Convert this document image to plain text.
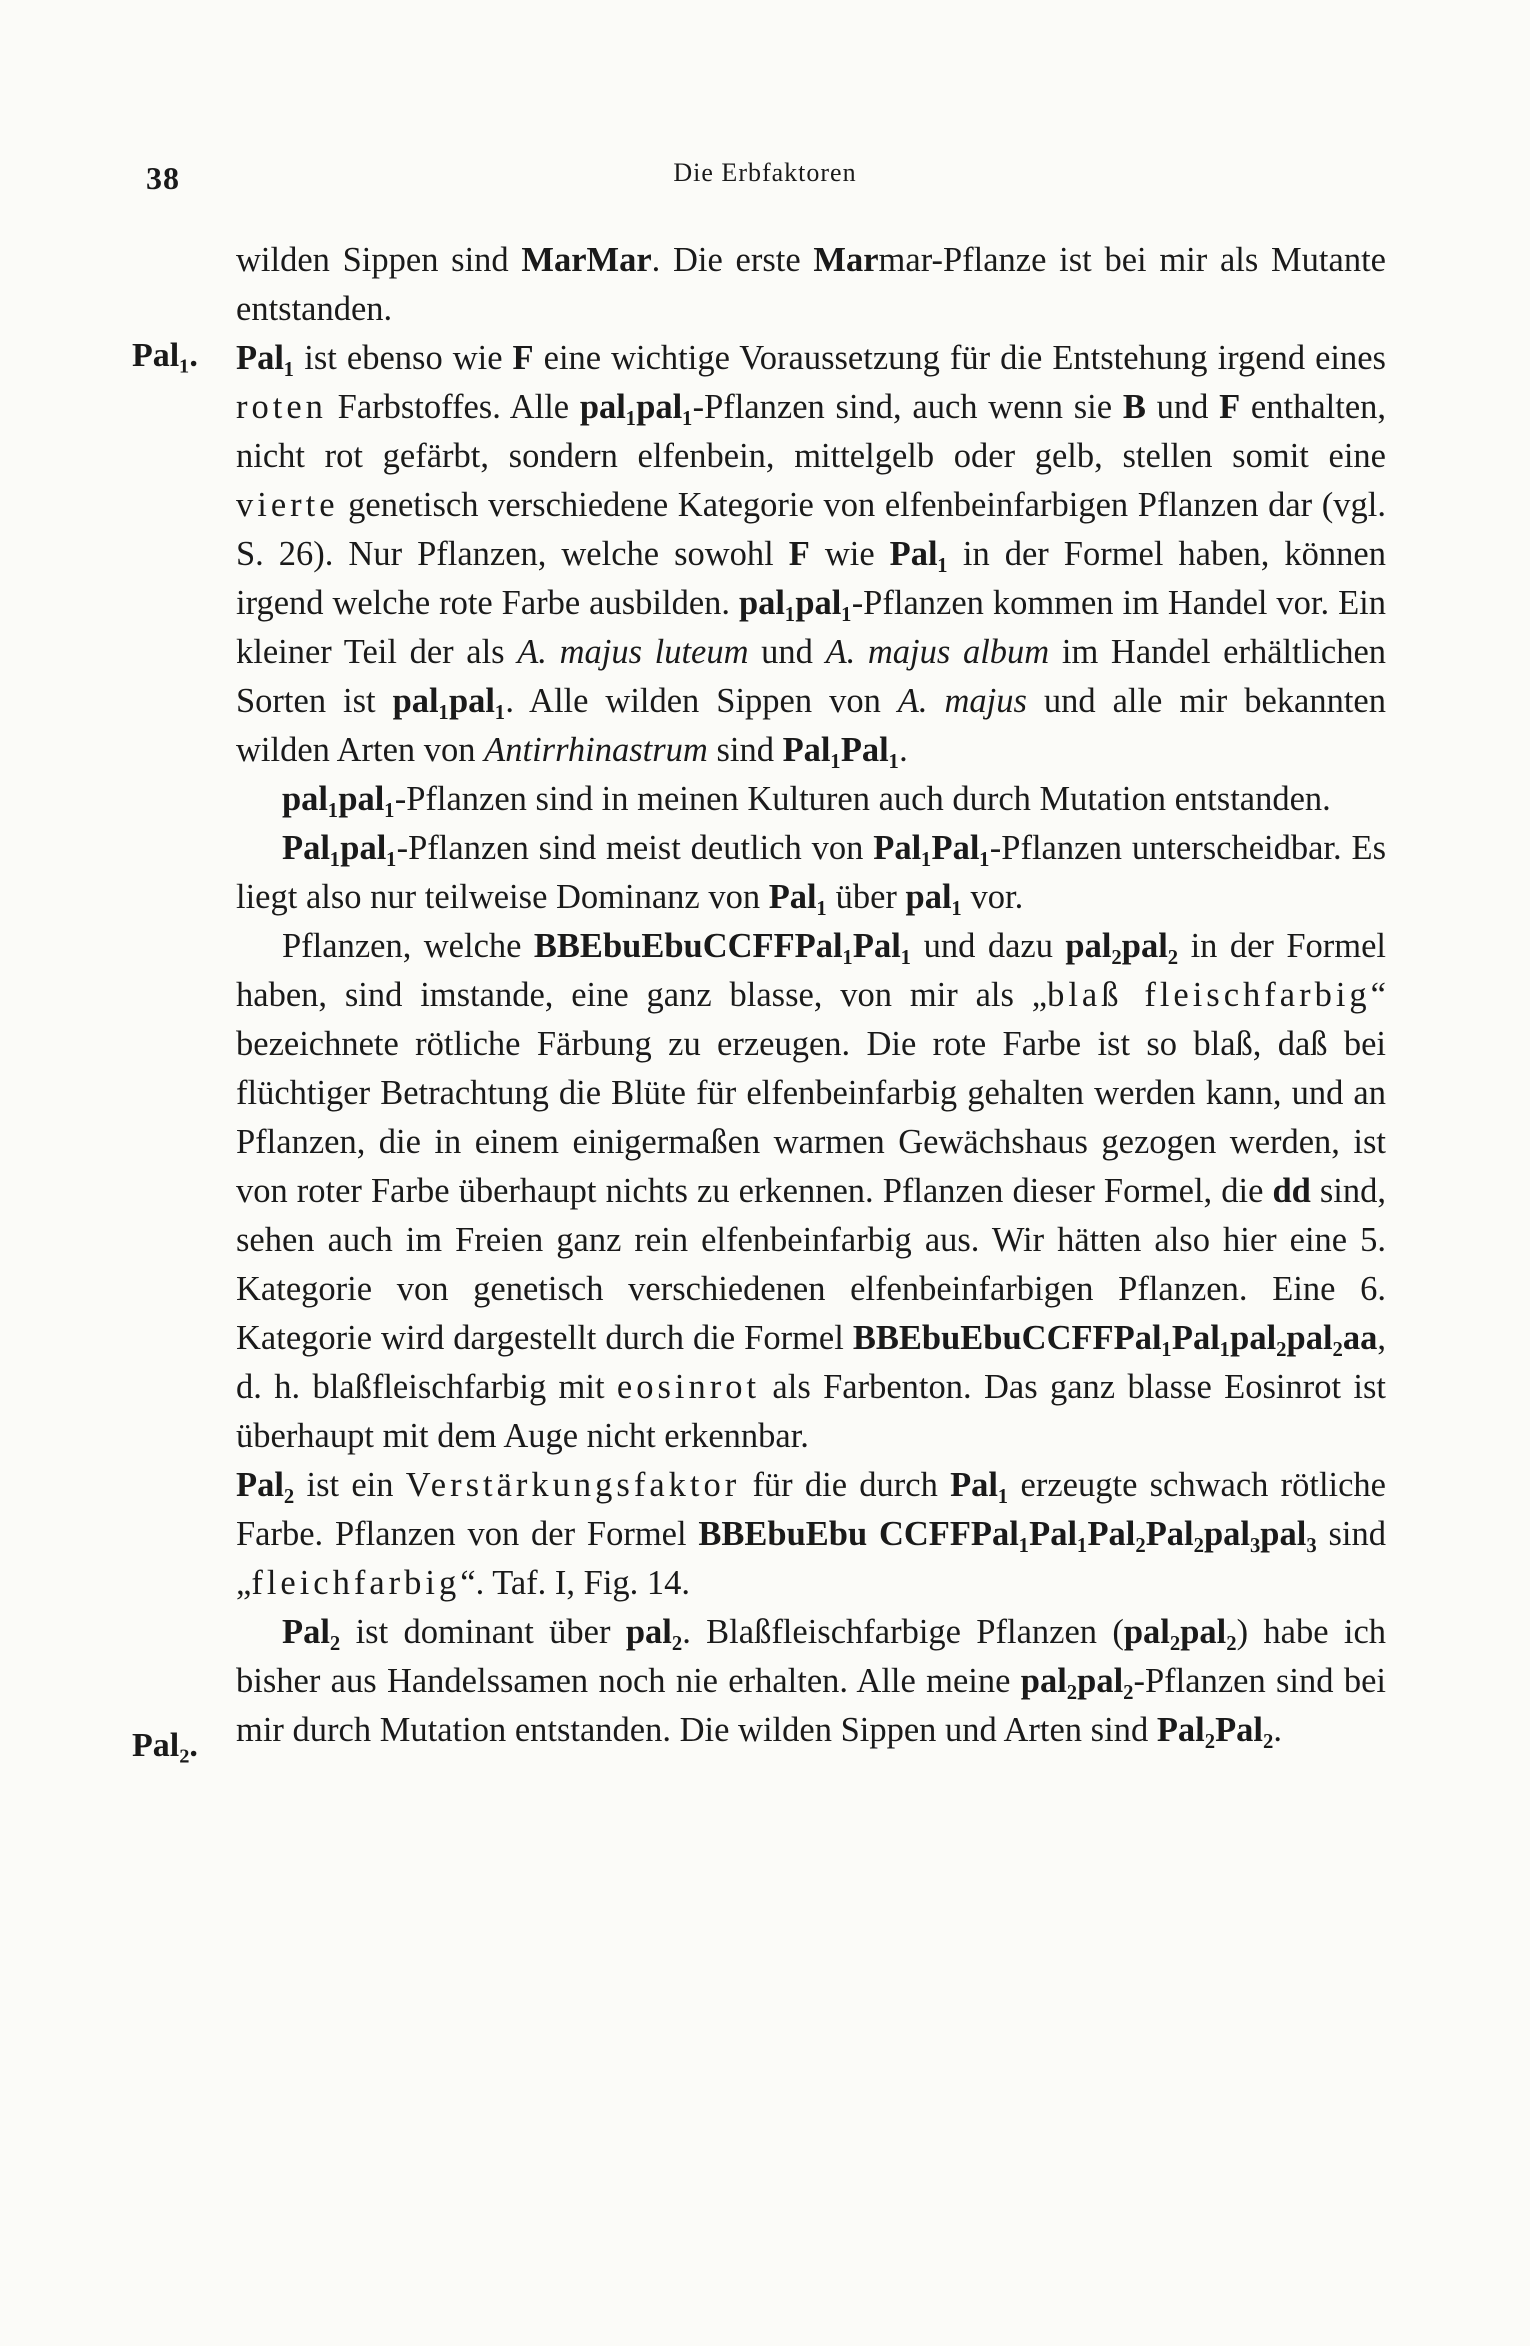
38	Die Erbfaktoren
Pal₁.
Pal₂.

wilden Sippen sind MarMar. Die erste Marmar-Pflanze ist bei mir als Mutante entstanden.

Pal₁ ist ebenso wie F eine wichtige Voraussetzung für die Entstehung irgend eines roten Farbstoffes. Alle pal₁pal₁-Pflanzen sind, auch wenn sie B und F enthalten, nicht rot gefärbt, sondern elfenbein, mittelgelb oder gelb, stellen somit eine vierte genetisch verschiedene Kategorie von elfenbeinfarbigen Pflanzen dar (vgl. S. 26). Nur Pflanzen, welche sowohl F wie Pal₁ in der Formel haben, können irgend welche rote Farbe ausbilden. pal₁pal₁-Pflanzen kommen im Handel vor. Ein kleiner Teil der als A. majus luteum und A. majus album im Handel erhältlichen Sorten ist pal₁pal₁. Alle wilden Sippen von A. majus und alle mir bekannten wilden Arten von Antirrhinastrum sind Pal₁Pal₁.

pal₁pal₁-Pflanzen sind in meinen Kulturen auch durch Mutation entstanden.

Pal₁pal₁-Pflanzen sind meist deutlich von Pal₁Pal₁-Pflanzen unterscheidbar. Es liegt also nur teilweise Dominanz von Pal₁ über pal₁ vor.

Pflanzen, welche BBEbuEbuCCFFPal₁Pal₁ und dazu pal₂pal₂ in der Formel haben, sind imstande, eine ganz blasse, von mir als „blaß fleischfarbig“ bezeichnete rötliche Färbung zu erzeugen. Die rote Farbe ist so blaß, daß bei flüchtiger Betrachtung die Blüte für elfenbeinfarbig gehalten werden kann, und an Pflanzen, die in einem einigermaßen warmen Gewächshaus gezogen werden, ist von roter Farbe überhaupt nichts zu erkennen. Pflanzen dieser Formel, die dd sind, sehen auch im Freien ganz rein elfenbeinfarbig aus. Wir hätten also hier eine 5. Kategorie von genetisch verschiedenen elfenbeinfarbigen Pflanzen. Eine 6. Kategorie wird dargestellt durch die Formel BBEbuEbuCCFFPal₁Pal₁pal₂pal₂aa, d. h. blaßfleischfarbig mit eosinrot als Farbenton. Das ganz blasse Eosinrot ist überhaupt mit dem Auge nicht erkennbar.

Pal₂ ist ein Verstärkungsfaktor für die durch Pal₁ erzeugte schwach rötliche Farbe. Pflanzen von der Formel BBEbuEbu CCFFPal₁Pal₁Pal₂Pal₂pal₃pal₃ sind „fleichfarbig“. Taf. I, Fig. 14.

Pal₂ ist dominant über pal₂. Blaßfleischfarbige Pflanzen (pal₂pal₂) habe ich bisher aus Handelssamen noch nie erhalten. Alle meine pal₂pal₂-Pflanzen sind bei mir durch Mutation entstanden. Die wilden Sippen und Arten sind Pal₂Pal₂.
